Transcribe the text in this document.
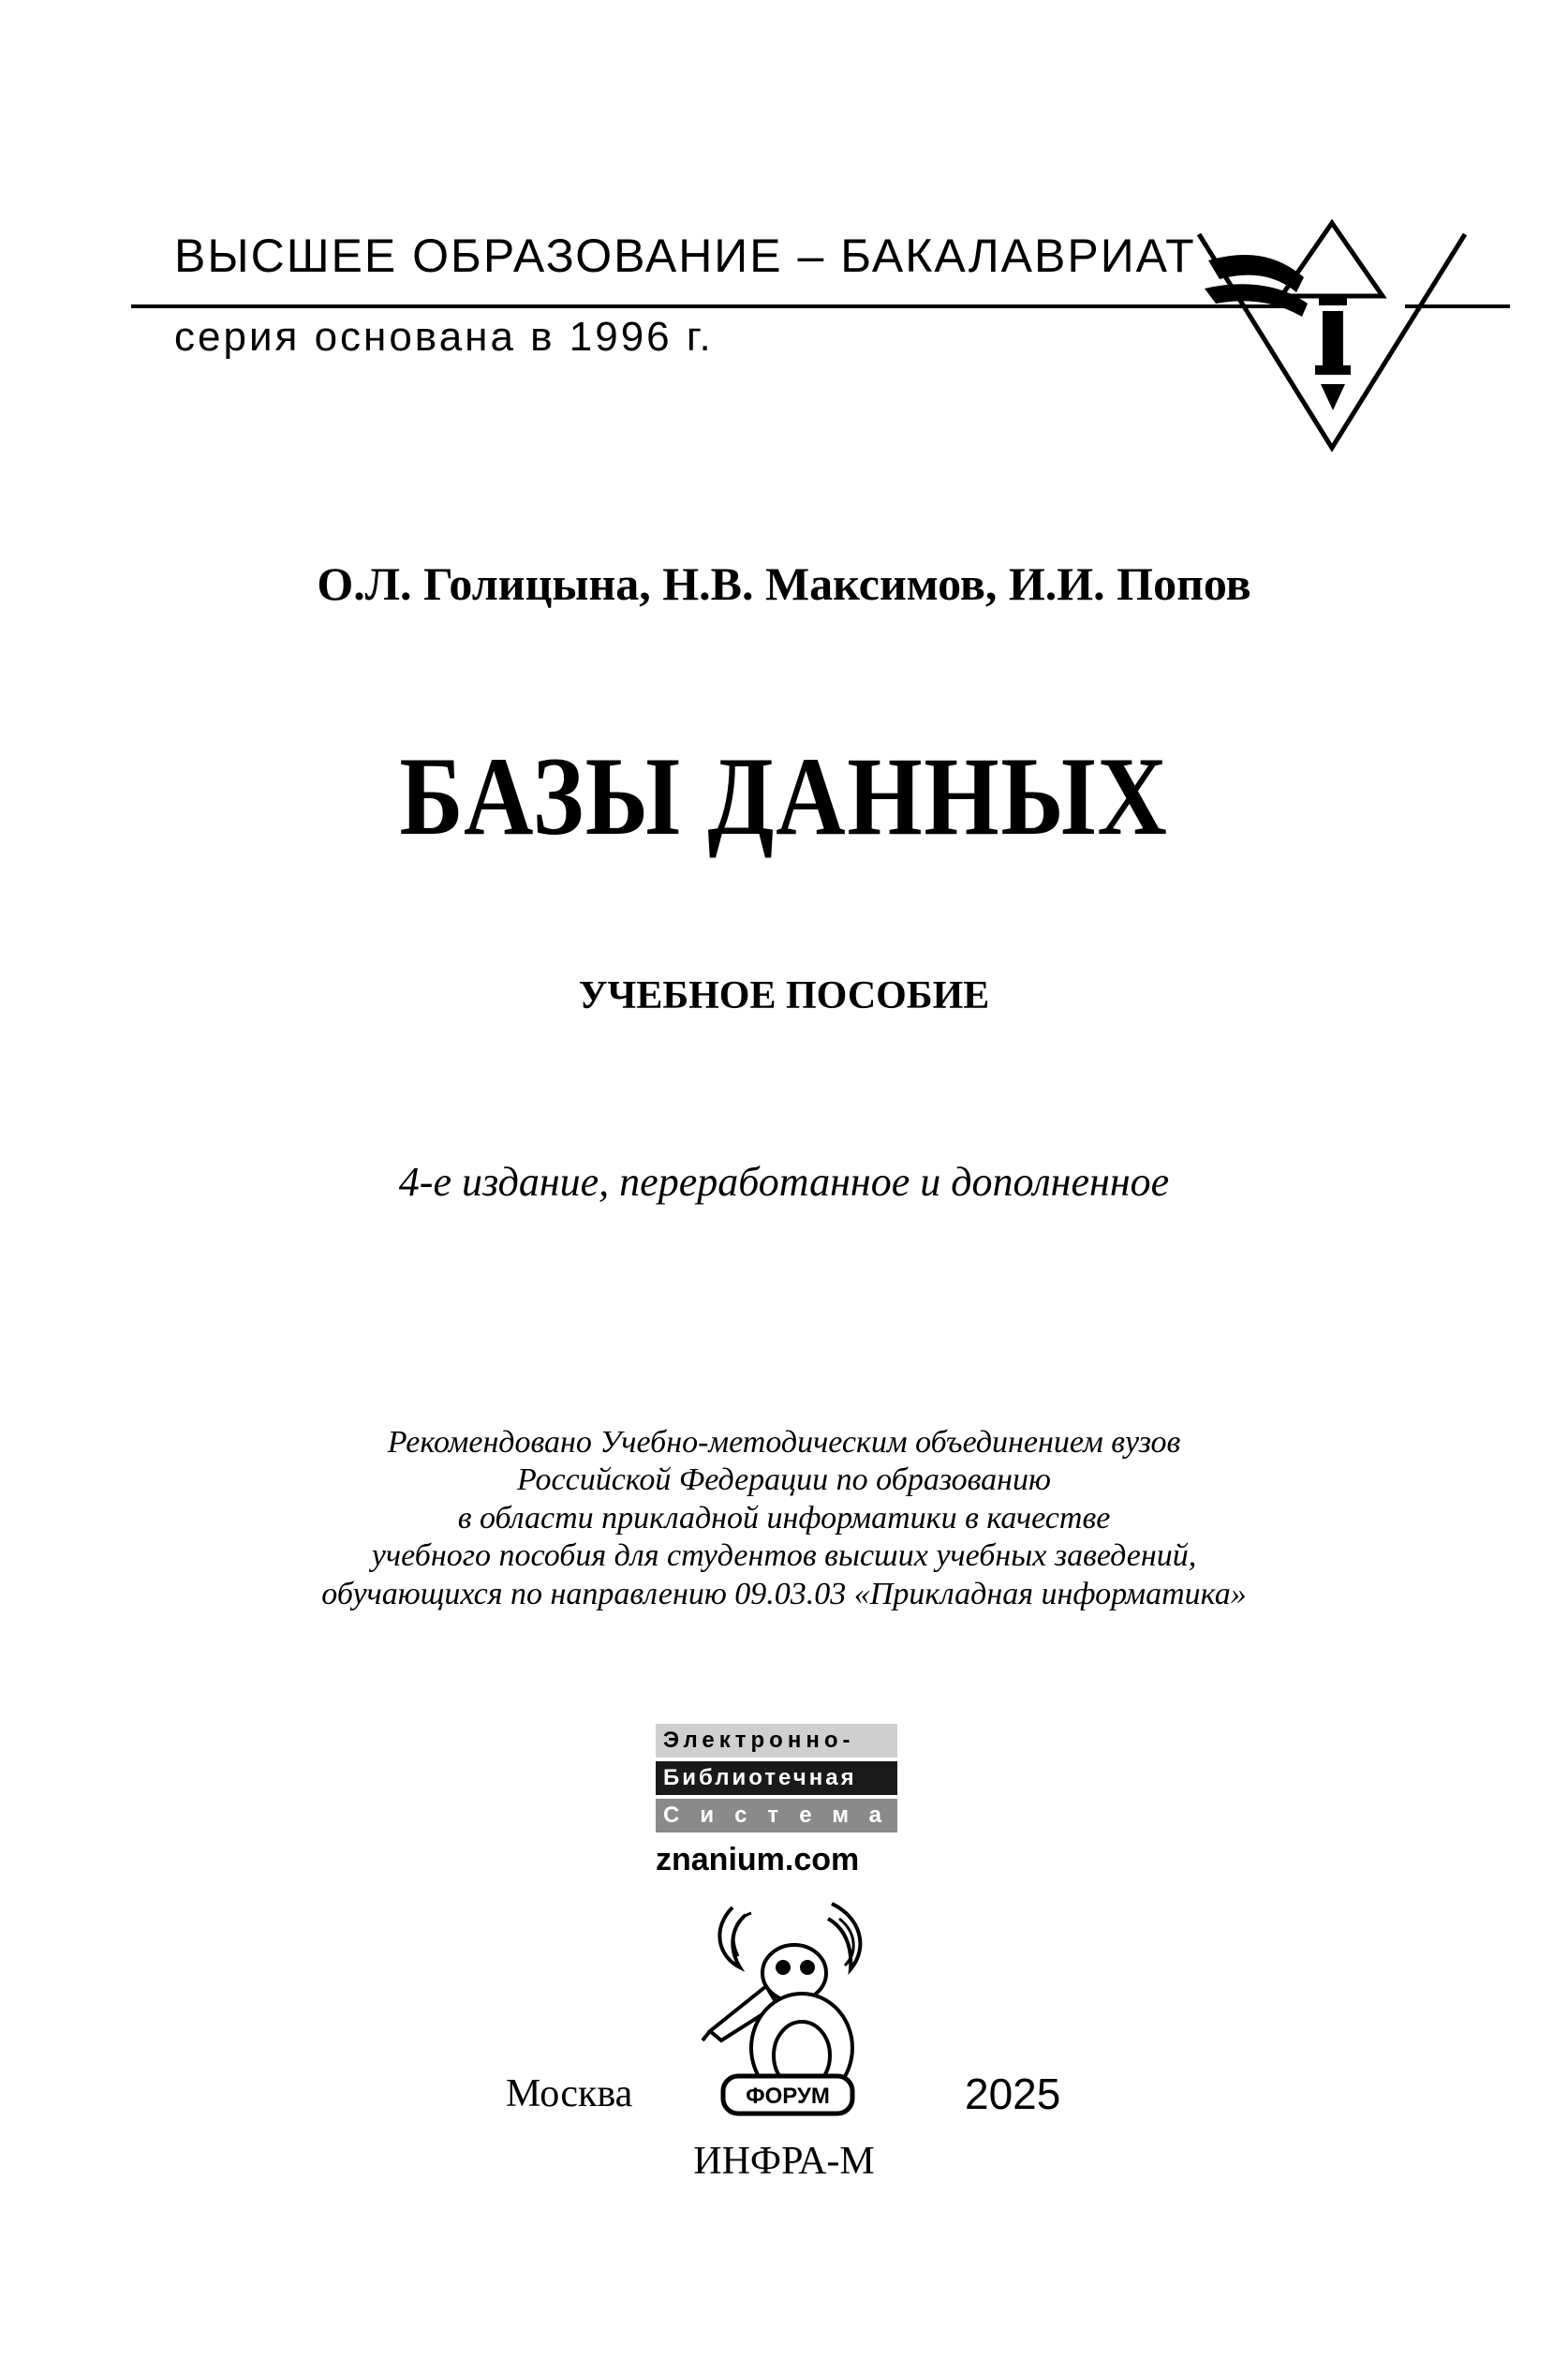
ВЫСШЕЕ ОБРАЗОВАНИЕ – БАКАЛАВРИАТ
серия основана в 1996 г.
О.Л. Голицына, Н.В. Максимов, И.И. Попов
БАЗЫ ДАННЫХ
УЧЕБНОЕ ПОСОБИЕ
4-е издание, переработанное и дополненное
Рекомендовано Учебно-методическим объединением вузов
Российской Федерации по образованию
в области прикладной информатики в качестве
учебного пособия для студентов высших учебных заведений,
обучающихся по направлению 09.03.03 «Прикладная информатика»
Электронно-
Библиотечная
Система
znanium.com
Москва	ФОРУМ	2025
ИНФРА-М
